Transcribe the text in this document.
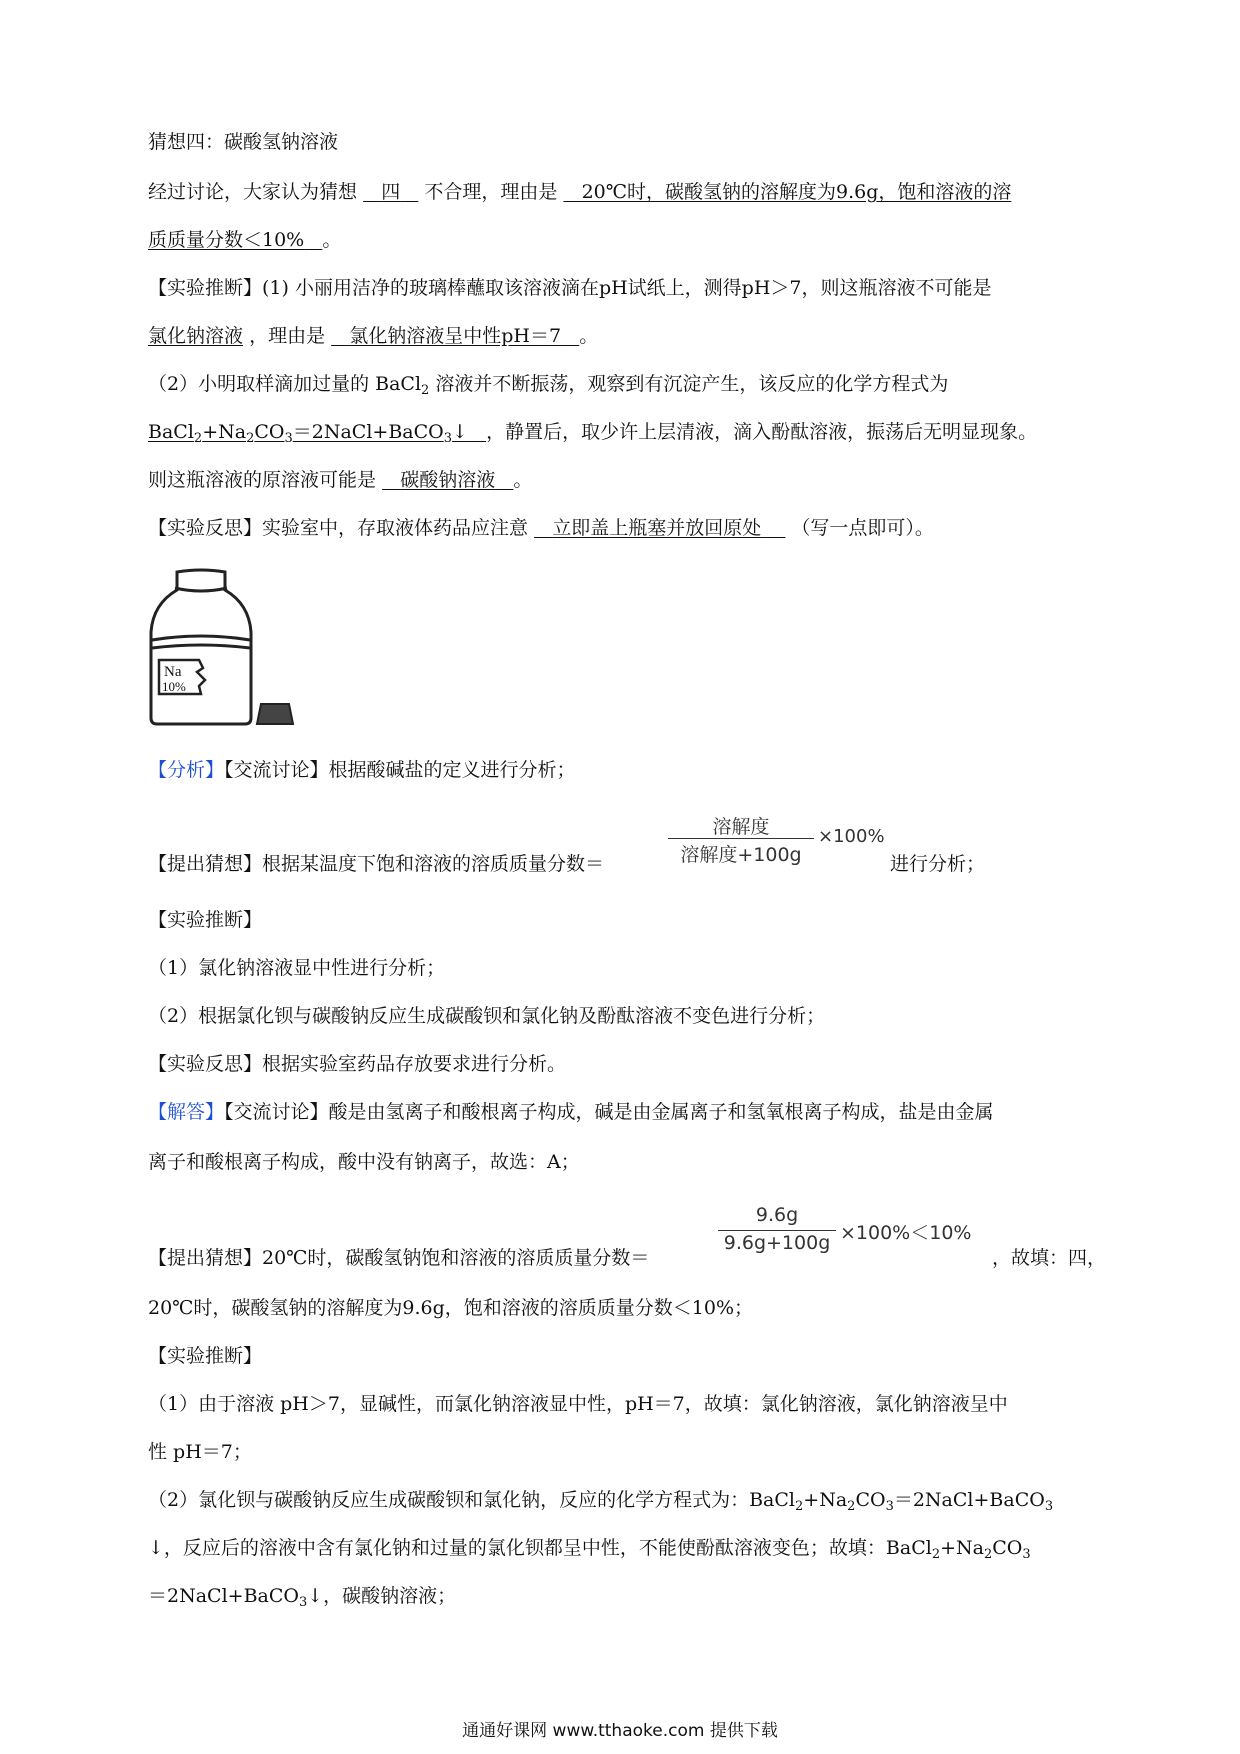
猜想四：碳酸氢钠溶液
经过讨论，大家认为猜想 四 不合理，理由是 20℃时，碳酸氢钠的溶解度为9.6g，饱和溶液的溶
质质量分数＜10% 。
【实验推断】(1) 小丽用洁净的玻璃棒蘸取该溶液滴在pH试纸上，测得pH＞7，则这瓶溶液不可能是
氯化钠溶液 ，理由是 氯化钠溶液呈中性pH＝7 。
（2）小明取样滴加过量的 BaCl$_2$ 溶液并不断振荡，观察到有沉淀产生，该反应的化学方程式为
$BaCl_2+Na_2CO_3=2NaCl+BaCO_3↓$ ，静置后，取少许上层清液，滴入酚酞溶液，振荡后无明显现象。
则这瓶溶液的原溶液可能是 碳酸钠溶液 。
【实验反思】实验室中，存取液体药品应注意 立即盖上瓶塞并放回原处 （写一点即可）。
Na
10%
【分析】【交流讨论】根据酸碱盐的定义进行分析；
【提出猜想】根据某温度下饱和溶液的溶质质量分数＝
溶解度
溶解度+100g
×100%
进行分析；
【实验推断】
（1）氯化钠溶液显中性进行分析；
（2）根据氯化钡与碳酸钠反应生成碳酸钡和氯化钠及酚酞溶液不变色进行分析；
【实验反思】根据实验室药品存放要求进行分析。
【解答】【交流讨论】酸是由氢离子和酸根离子构成，碱是由金属离子和氢氧根离子构成，盐是由金属
离子和酸根离子构成，酸中没有钠离子，故选：A；
【提出猜想】20℃时，碳酸氢钠饱和溶液的溶质质量分数＝
9.6g
9.6g+100g ×100%＜10%
，故填：四，
20℃时，碳酸氢钠的溶解度为9.6g，饱和溶液的溶质质量分数＜10%；
【实验推断】
（1）由于溶液 pH＞7，显碱性，而氯化钠溶液显中性，pH＝7，故填：氯化钠溶液，氯化钠溶液呈中
性 pH＝7；
（2）氯化钡与碳酸钠反应生成碳酸钡和氯化钠，反应的化学方程式为：$BaCl_2+Na_2CO_3=2NaCl+BaCO_3$
↓，反应后的溶液中含有氯化钠和过量的氯化钡都呈中性，不能使酚酞溶液变色；故填：$BaCl_2+Na_2CO_3$
＝2NaCl+BaCO$_3$↓，碳酸钠溶液；
通通好课网 www.tthaoke.com 提供下载
